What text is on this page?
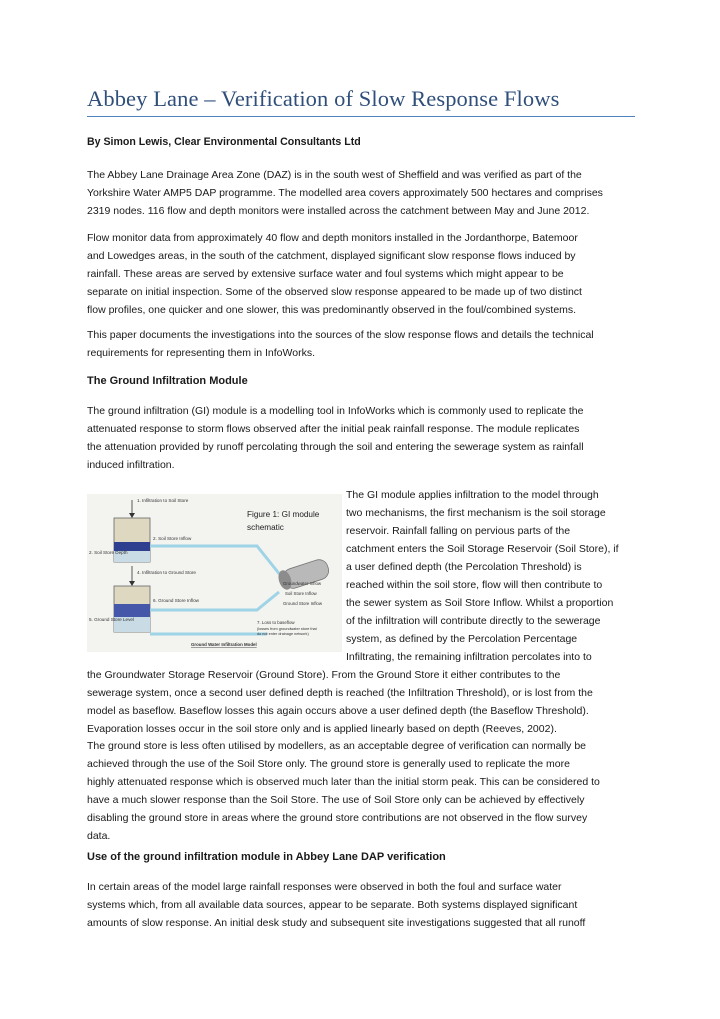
Abbey Lane – Verification of Slow Response Flows
By Simon Lewis, Clear Environmental Consultants Ltd

The Abbey Lane Drainage Area Zone (DAZ) is in the south west of Sheffield and was verified as part of the

Yorkshire Water AMP5 DAP programme. The modelled area covers approximately 500 hectares and comprises

2319 nodes. 116 flow and depth monitors were installed across the catchment between May and June 2012.

Flow monitor data from approximately 40 flow and depth monitors installed in the Jordanthorpe, Batemoor

and Lowedges areas, in the south of the catchment, displayed significant slow response flows induced by

rainfall. These areas are served by extensive surface water and foul systems which might appear to be

separate on initial inspection. Some of the observed slow response appeared to be made up of two distinct

flow profiles, one quicker and one slower, this was predominantly observed in the foul/combined systems.

This paper documents the investigations into the sources of the slow response flows and details the technical

requirements for representing them in InfoWorks.

The Ground Infiltration Module

The ground infiltration (GI) module is a modelling tool in InfoWorks which is commonly used to replicate the

attenuated response to storm flows observed after the initial peak rainfall response. The module replicates

the attenuation provided by runoff percolating through the soil and entering the sewerage system as rainfall

induced infiltration.

1. Infiltration to Soil Store
2. Soil Store Inflow
2. Soil Store Depth
4. Infiltration to Ground Store
6. Ground Store Inflow
5. Ground Store Level
Groundwater Inflow
Soil Store Inflow
Ground Store Inflow
7. Loss to baseflow
(losses from groundwater store that
do not enter drainage network)
Ground Water Infiltration Model
Figure 1: GI module
schematic

The GI module applies infiltration to the model through

two mechanisms, the first mechanism is the soil storage

reservoir. Rainfall falling on pervious parts of the

catchment enters the Soil Storage Reservoir (Soil Store), if

a user defined depth (the Percolation Threshold) is

reached within the soil store, flow will then contribute to

the sewer system as Soil Store Inflow. Whilst a proportion

of the infiltration will contribute directly to the sewerage

system, as defined by the Percolation Percentage

Infiltrating, the remaining infiltration percolates into to

the Groundwater Storage Reservoir (Ground Store). From the Ground Store it either contributes to the

sewerage system, once a second user defined depth is reached (the Infiltration Threshold), or is lost from the

model as baseflow. Baseflow losses this again occurs above a user defined depth (the Baseflow Threshold).

Evaporation losses occur in the soil store only and is applied linearly based on depth (Reeves, 2002).

The ground store is less often utilised by modellers, as an acceptable degree of verification can normally be

achieved through the use of the Soil Store only. The ground store is generally used to replicate the more

highly attenuated response which is observed much later than the initial storm peak. This can be considered to

have a much slower response than the Soil Store. The use of Soil Store only can be achieved by effectively

disabling the ground store in areas where the ground store contributions are not observed in the flow survey

data.

Use of the ground infiltration module in Abbey Lane DAP verification

In certain areas of the model large rainfall responses were observed in both the foul and surface water

systems which, from all available data sources, appear to be separate. Both systems displayed significant

amounts of slow response. An initial desk study and subsequent site investigations suggested that all runoff
